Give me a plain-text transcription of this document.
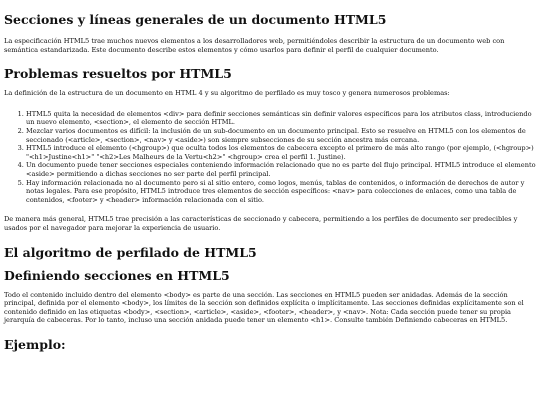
Secciones y líneas generales de un documento HTML5

La especificación HTML5 trae muchos nuevos elementos a los desarrolladores web, permitiéndoles describir la estructura de un documento web con semántica estandarizada. Este documento describe estos elementos y cómo usarlos para definir el perfil de cualquier documento.

Problemas resueltos por HTML5

La definición de la estructura de un documento en HTML 4 y su algoritmo de perfilado es muy tosco y genera numerosos problemas:

1. HTML5 quita la necesidad de elementos <div> para definir secciones semánticas sin definir valores específicos para los atributos class, introduciendo un nuevo elemento, <section>, el elemento de sección HTML.
2. Mezclar varios documentos es difícil: la inclusión de un sub-documento en un documento principal. Esto se resuelve en HTML5 con los elementos de seccionado (<article>, <section>, <nav> y <aside>) son siempre subsecciones de su sección ancestra más cercana.
3. HTML5 introduce el elemento (<hgroup>) que oculta todos los elementos de cabecera excepto el primero de más alto rango (por ejemplo, (<hgroup>) "<h1>Justine<h1>" "<h2>Les Malheurs de la Vertu<h2>" <hgroup> crea el perfil 1. Justine).
4. Un documento puede tener secciones especiales conteniendo información relacionado que no es parte del flujo principal. HTML5 introduce el elemento <aside> permitiendo a dichas secciones no ser parte del perfil principal.
5. Hay información relacionada no al documento pero si al sitio entero, como logos, menús, tablas de contenidos, o información de derechos de autor y notas legales. Para ese propósito, HTML5 introduce tres elementos de sección específicos: <nav> para colecciones de enlaces, como una tabla de contenidos, <footer> y <header> información relacionada con el sitio.

De manera más general, HTML5 trae precisión a las características de seccionado y cabecera, permitiendo a los perfiles de documento ser predecibles y usados por el navegador para mejorar la experiencia de usuario.

El algoritmo de perfilado de HTML5
Definiendo secciones en HTML5

Todo el contenido incluido dentro del elemento <body> es parte de una sección. Las secciones en HTML5 pueden ser anidadas. Además de la sección principal, definida por el elemento <body>, los límites de la sección son definidos explícita o implícitamente. Las secciones definidas explícitamente son el contenido definido en las etiquetas <body>, <section>, <article>, <aside>, <footer>, <header>, y <nav>. Nota: Cada sección puede tener su propia jerarquía de cabeceras. Por lo tanto, incluso una sección anidada puede tener un elemento <h1>. Consulte también Definiendo cabeceras en HTML5.

Ejemplo:
